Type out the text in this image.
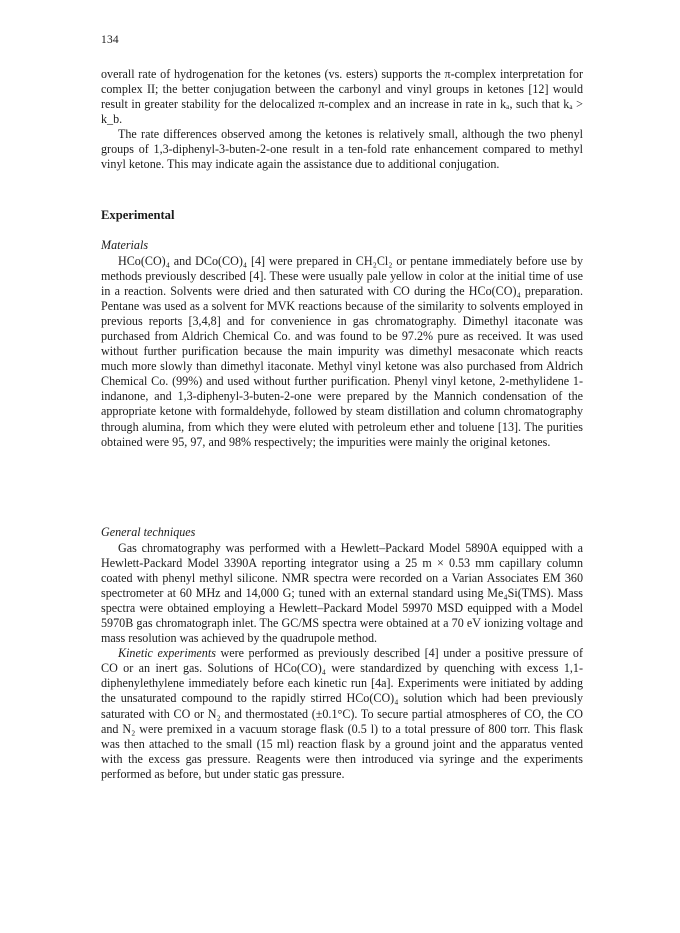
134

overall rate of hydrogenation for the ketones (vs. esters) supports the π-complex interpretation for complex II; the better conjugation between the carbonyl and vinyl groups in ketones [12] would result in greater stability for the delocalized π-complex and an increase in rate in kₐ, such that kₐ > k_b.

The rate differences observed among the ketones is relatively small, although the two phenyl groups of 1,3-diphenyl-3-buten-2-one result in a ten-fold rate enhancement compared to methyl vinyl ketone. This may indicate again the assistance due to additional conjugation.

Experimental
Materials

HCo(CO)₄ and DCo(CO)₄ [4] were prepared in CH₂Cl₂ or pentane immediately before use by methods previously described [4]. These were usually pale yellow in color at the initial time of use in a reaction. Solvents were dried and then saturated with CO during the HCo(CO)₄ preparation. Pentane was used as a solvent for MVK reactions because of the similarity to solvents employed in previous reports [3,4,8] and for convenience in gas chromatography. Dimethyl itaconate was purchased from Aldrich Chemical Co. and was found to be 97.2% pure as received. It was used without further purification because the main impurity was dimethyl mesaconate which reacts much more slowly than dimethyl itaconate. Methyl vinyl ketone was also purchased from Aldrich Chemical Co. (99%) and used without further purification. Phenyl vinyl ketone, 2-methylidene 1-indanone, and 1,3-diphenyl-3-buten-2-one were prepared by the Mannich condensation of the appropriate ketone with formaldehyde, followed by steam distillation and column chromatography through alumina, from which they were eluted with petroleum ether and toluene [13]. The purities obtained were 95, 97, and 98% respectively; the impurities were mainly the original ketones.

General techniques

Gas chromatography was performed with a Hewlett–Packard Model 5890A equipped with a Hewlett-Packard Model 3390A reporting integrator using a 25 m × 0.53 mm capillary column coated with phenyl methyl silicone. NMR spectra were recorded on a Varian Associates EM 360 spectrometer at 60 MHz and 14,000 G; tuned with an external standard using Me₄Si(TMS). Mass spectra were obtained employing a Hewlett–Packard Model 59970 MSD equipped with a Model 5970B gas chromatograph inlet. The GC/MS spectra were obtained at a 70 eV ionizing voltage and mass resolution was achieved by the quadrupole method.

Kinetic experiments were performed as previously described [4] under a positive pressure of CO or an inert gas. Solutions of HCo(CO)₄ were standardized by quenching with excess 1,1-diphenylethylene immediately before each kinetic run [4a]. Experiments were initiated by adding the unsaturated compound to the rapidly stirred HCo(CO)₄ solution which had been previously saturated with CO or N₂ and thermostated (±0.1°C). To secure partial atmospheres of CO, the CO and N₂ were premixed in a vacuum storage flask (0.5 l) to a total pressure of 800 torr. This flask was then attached to the small (15 ml) reaction flask by a ground joint and the apparatus vented with the excess gas pressure. Reagents were then introduced via syringe and the experiments performed as before, but under static gas pressure.
